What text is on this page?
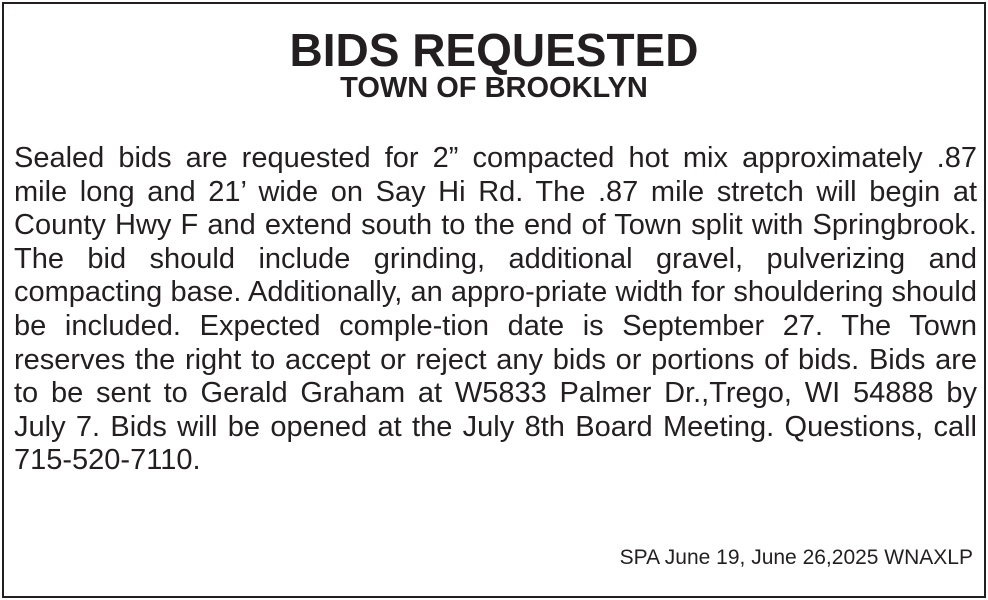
BIDS REQUESTED
TOWN OF BROOKLYN

Sealed bids are requested for 2” compacted hot mix approximately .87 mile long and 21’ wide on Say Hi Rd. The .87 mile stretch will begin at County Hwy F and extend south to the end of Town split with Springbrook. The bid should include grinding, additional gravel, pulverizing and compacting base. Additionally, an appro-priate width for shouldering should be included. Expected comple-tion date is September 27. The Town reserves the right to accept or reject any bids or portions of bids. Bids are to be sent to Gerald Graham at W5833 Palmer Dr.,Trego, WI 54888 by July 7. Bids will be opened at the July 8th Board Meeting. Questions, call 715-520-7110.

SPA June 19, June 26,2025 WNAXLP
